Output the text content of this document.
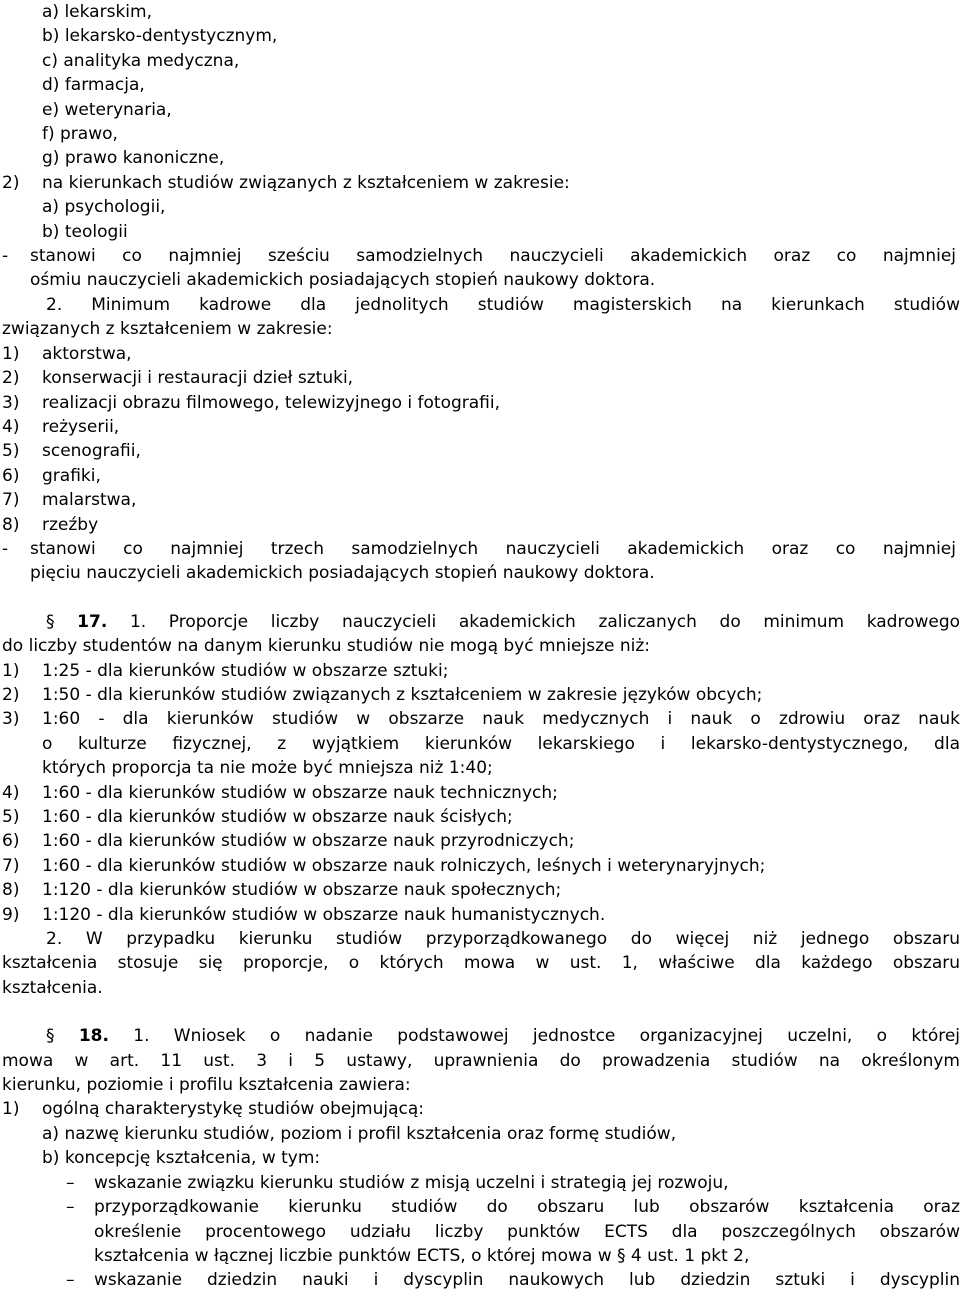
a) lekarskim,
b) lekarsko-dentystycznym,
c) analityka medyczna,
d) farmacja,
e) weterynaria,
f) prawo,
g) prawo kanoniczne,
2)	na kierunkach studiów związanych z kształceniem w zakresie:
a) psychologii,
b) teologii
-	stanowi co najmniej sześciu samodzielnych nauczycieli akademickich oraz co najmniej
ośmiu nauczycieli akademickich posiadających stopień naukowy doktora.
2. Minimum kadrowe dla jednolitych studiów magisterskich na kierunkach studiów
związanych z kształceniem w zakresie:
1)	aktorstwa,
2)	konserwacji i restauracji dzieł sztuki,
3)	realizacji obrazu filmowego, telewizyjnego i fotografii,
4)	reżyserii,
5)	scenografii,
6)	grafiki,
7)	malarstwa,
8)	rzeźby
-	stanowi co najmniej trzech samodzielnych nauczycieli akademickich oraz co najmniej
pięciu nauczycieli akademickich posiadających stopień naukowy doktora.
§ 17. 1. Proporcje liczby nauczycieli akademickich zaliczanych do minimum kadrowego
do liczby studentów na danym kierunku studiów nie mogą być mniejsze niż:
1)	1:25 - dla kierunków studiów w obszarze sztuki;
2)	1:50 - dla kierunków studiów związanych z kształceniem w zakresie języków obcych;
3)	1:60 - dla kierunków studiów w obszarze nauk medycznych i nauk o zdrowiu oraz nauk
o kulturze fizycznej, z wyjątkiem kierunków lekarskiego i lekarsko-dentystycznego, dla
których proporcja ta nie może być mniejsza niż 1:40;
4)	1:60 - dla kierunków studiów w obszarze nauk technicznych;
5)	1:60 - dla kierunków studiów w obszarze nauk ścisłych;
6)	1:60 - dla kierunków studiów w obszarze nauk przyrodniczych;
7)	1:60 - dla kierunków studiów w obszarze nauk rolniczych, leśnych i weterynaryjnych;
8)	1:120 - dla kierunków studiów w obszarze nauk społecznych;
9)	1:120 - dla kierunków studiów w obszarze nauk humanistycznych.
2. W przypadku kierunku studiów przyporządkowanego do więcej niż jednego obszaru
kształcenia stosuje się proporcje, o których mowa w ust. 1, właściwe dla każdego obszaru
kształcenia.
§ 18. 1. Wniosek o nadanie podstawowej jednostce organizacyjnej uczelni, o której
mowa w art. 11 ust. 3 i 5 ustawy, uprawnienia do prowadzenia studiów na określonym
kierunku, poziomie i profilu kształcenia zawiera:
1)	ogólną charakterystykę studiów obejmującą:
a) nazwę kierunku studiów, poziom i profil kształcenia oraz formę studiów,
b) koncepcję kształcenia, w tym:
–	wskazanie związku kierunku studiów z misją uczelni i strategią jej rozwoju,
–	przyporządkowanie kierunku studiów do obszaru lub obszarów kształcenia oraz
określenie procentowego udziału liczby punktów ECTS dla poszczególnych obszarów
kształcenia w łącznej liczbie punktów ECTS, o której mowa w § 4 ust. 1 pkt 2,
–	wskazanie dziedzin nauki i dyscyplin naukowych lub dziedzin sztuki i dyscyplin
